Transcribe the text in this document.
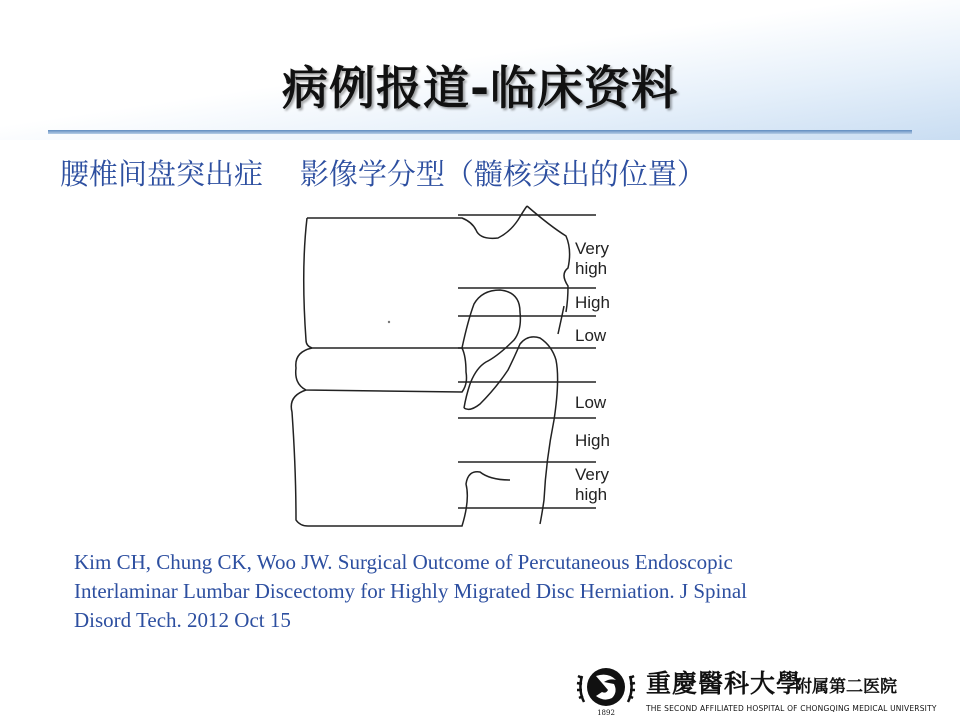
病例报道-临床资料
腰椎间盘突出症    影像学分型（髓核突出的位置）
Very
high
High
Low
Low
High
Very
high
Kim CH, Chung CK, Woo JW. Surgical Outcome of Percutaneous Endoscopic
Interlaminar Lumbar Discectomy for Highly Migrated Disc Herniation. J Spinal
Disord Tech. 2012 Oct 15
1892
重慶醫科大學
附属第二医院
THE SECOND AFFILIATED HOSPITAL OF CHONGQING MEDICAL UNIVERSITY
